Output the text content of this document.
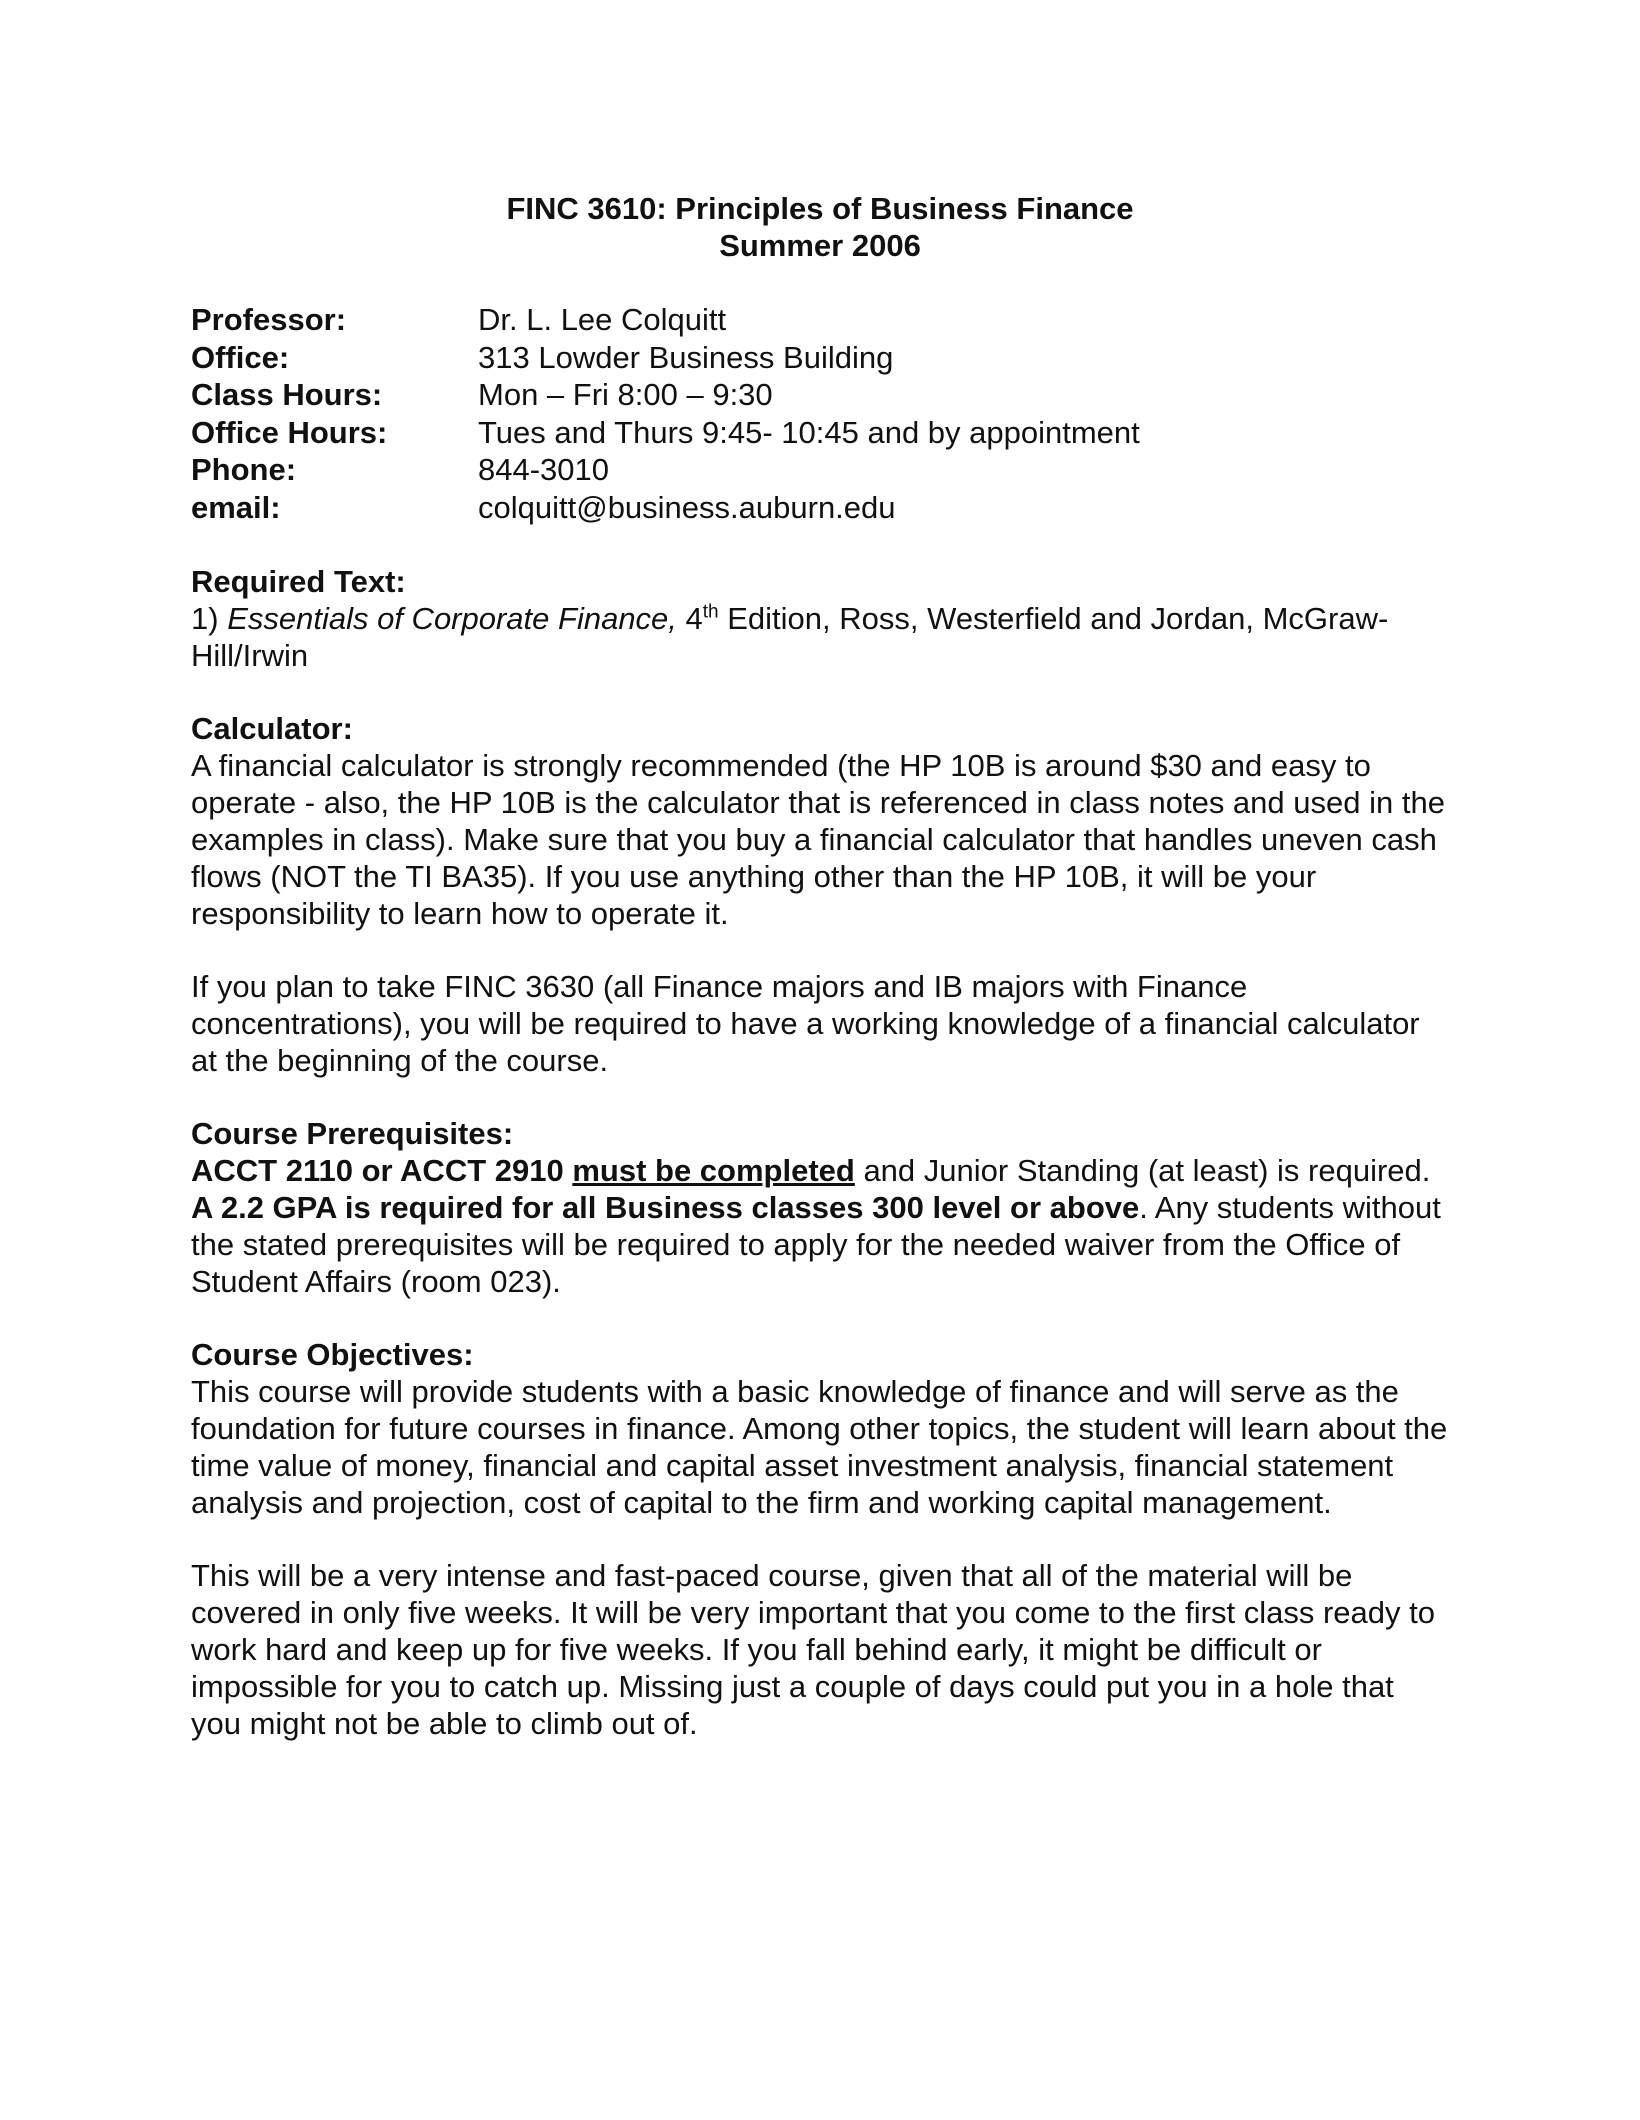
FINC 3610: Principles of Business Finance
Summer 2006
Professor:	Dr. L. Lee Colquitt
Office:	313 Lowder Business Building
Class Hours:	Mon – Fri 8:00 – 9:30
Office Hours:	Tues and Thurs 9:45- 10:45 and by appointment
Phone:	844-3010
email:	colquitt@business.auburn.edu
Required Text:

1) Essentials of Corporate Finance, 4th Edition, Ross, Westerfield and Jordan, McGraw-Hill/Irwin

Calculator:

A financial calculator is strongly recommended (the HP 10B is around $30 and easy to operate - also, the HP 10B is the calculator that is referenced in class notes and used in the examples in class). Make sure that you buy a financial calculator that handles uneven cash flows (NOT the TI BA35). If you use anything other than the HP 10B, it will be your responsibility to learn how to operate it.

If you plan to take FINC 3630 (all Finance majors and IB majors with Finance concentrations), you will be required to have a working knowledge of a financial calculator at the beginning of the course.

Course Prerequisites:

ACCT 2110 or ACCT 2910 must be completed and Junior Standing (at least) is required. A 2.2 GPA is required for all Business classes 300 level or above. Any students without the stated prerequisites will be required to apply for the needed waiver from the Office of Student Affairs (room 023).

Course Objectives:

This course will provide students with a basic knowledge of finance and will serve as the foundation for future courses in finance. Among other topics, the student will learn about the time value of money, financial and capital asset investment analysis, financial statement analysis and projection, cost of capital to the firm and working capital management.

This will be a very intense and fast-paced course, given that all of the material will be covered in only five weeks. It will be very important that you come to the first class ready to work hard and keep up for five weeks. If you fall behind early, it might be difficult or impossible for you to catch up. Missing just a couple of days could put you in a hole that you might not be able to climb out of.
